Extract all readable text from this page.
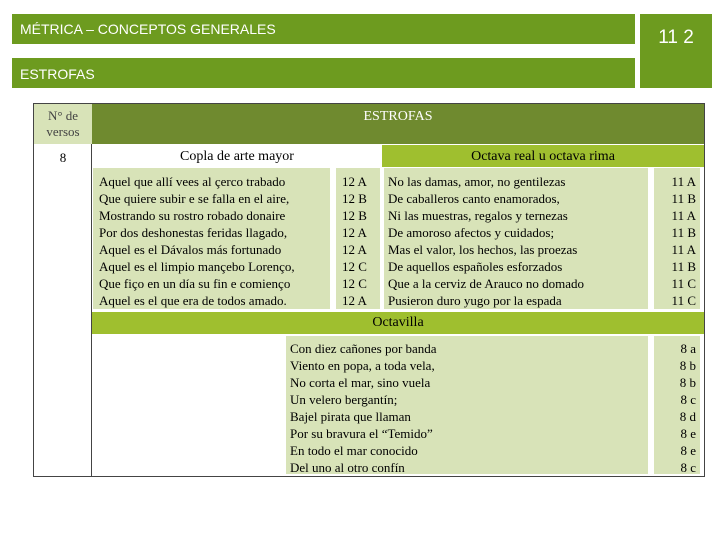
MÉTRICA – CONCEPTOS GENERALES
ESTROFAS
11 2
N° de versos
ESTROFAS
8	Copla de arte mayor	Octava real u octava rima
Aquel que allí vees al çerco trabado
Que quiere subir e se falla en el aire,
Mostrando su rostro robado donaire
Por dos deshonestas feridas llagado,
Aquel es el Dávalos más fortunado
Aquel es el limpio mançebo Lorenço,
Que fiço en un día su fin e comienço
Aquel es el que era de todos amado.
12 A
12 B
12 B
12 A
12 A
12 C
12 C
12 A
No las damas, amor, no gentilezas
De caballeros canto enamorados,
Ni las muestras, regalos y ternezas
De amoroso afectos y cuidados;
Mas el valor, los hechos, las proezas
De aquellos españoles esforzados
Que a la cerviz de Arauco no domado
Pusieron duro yugo por la espada
11 A
11 B
11 A
11 B
11 A
11 B
11 C
11 C
Octavilla
Con diez cañones por banda
Viento en popa, a toda vela,
No corta el mar, sino vuela
Un velero bergantín;
Bajel pirata que llaman
Por su bravura el “Temido”
En todo el mar conocido
Del uno al otro confín
8 a
8 b
8 b
8 c
8 d
8 e
8 e
8 c
